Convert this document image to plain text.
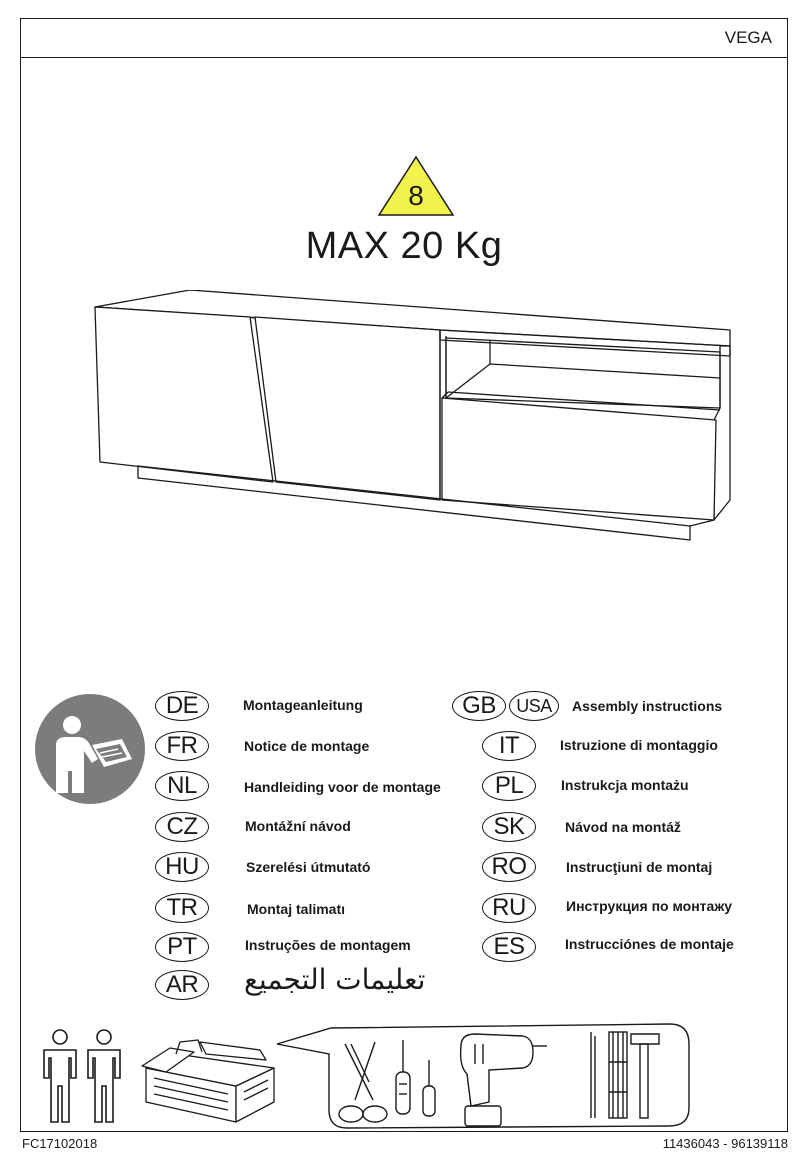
VEGA
8
MAX 20 Kg
DE	Montageanleitung
FR	Notice de montage
NL	Handleiding voor de montage
CZ	Montážní návod
HU	Szerelési útmutató
TR	Montaj talimatı
PT	Instruções de montagem
AR	تعليمات التجميع
GB	USA	Assembly instructions
IT	Istruzione di montaggio
PL	Instrukcja montażu
SK	Návod na montáž
RO	Instrucţiuni de montaj
RU	Инструкция по монтажу
ES	Instrucciónes de montaje
FC17102018	11436043 - 96139118
